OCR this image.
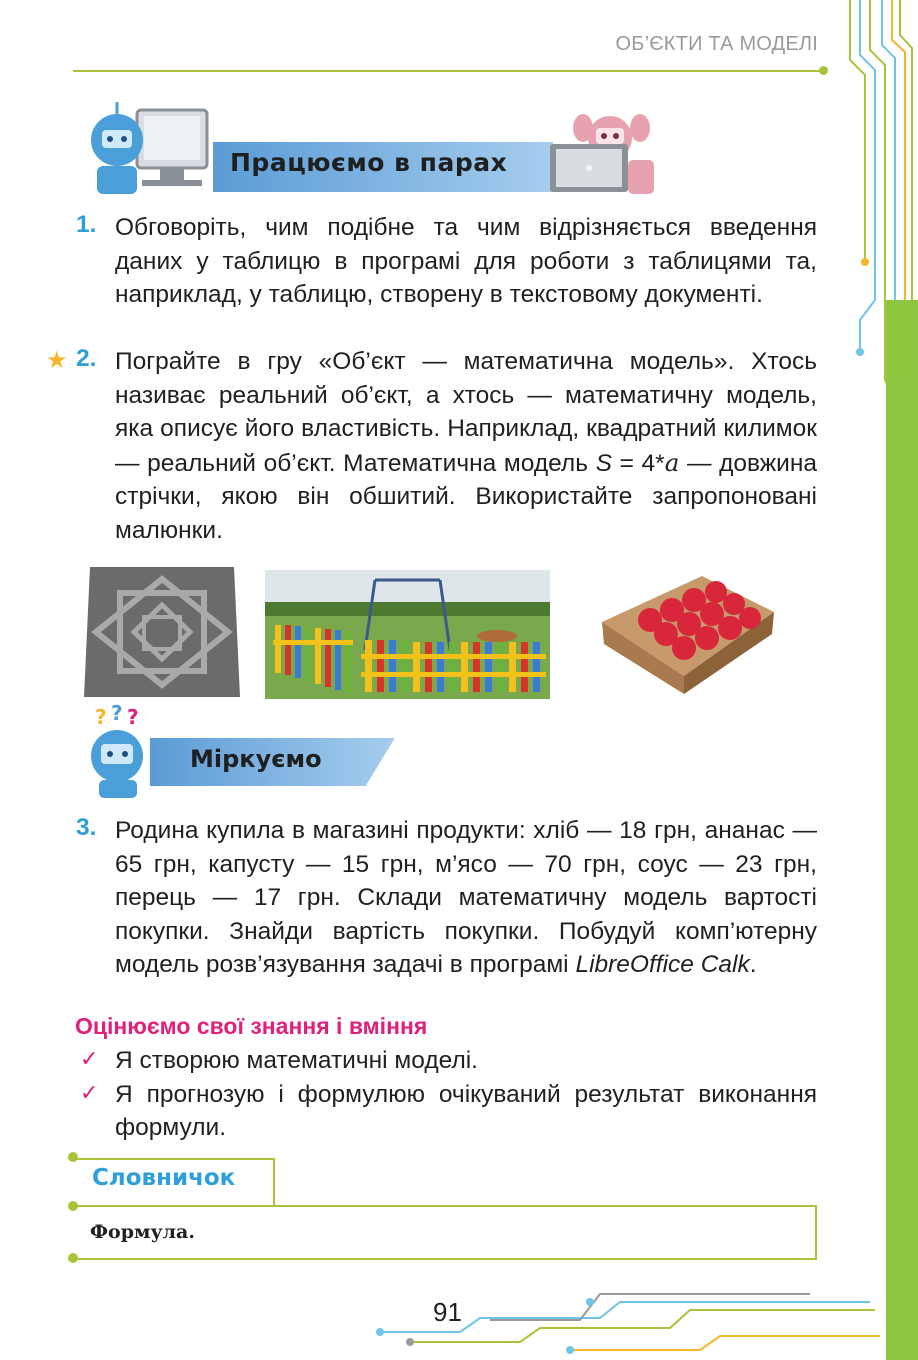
ОБ’ЄКТИ ТА МОДЕЛІ
Працюємо в парах
1. Обговоріть, чим подібне та чим відрізняється введення даних у таблицю в програмі для роботи з таблицями та, наприклад, у таблицю, створену в текстовому документі.
★ 2. Пограйте в гру «Об’єкт — математична модель». Хтось називає реальний об’єкт, а хтось — математичну модель, яка описує його властивість. Наприклад, квадратний килимок — реальний об’єкт. Математична модель S = 4*a — довжина стрічки, якою він обшитий. Використайте запропоновані малюнки.
? ? ?
Міркуємо
3. Родина купила в магазині продукти: хліб — 18 грн, ананас — 65 грн, капусту — 15 грн, м’ясо — 70 грн, соус — 23 грн, перець — 17 грн. Склади математичну модель вартості покупки. Знайди вартість покупки. Побудуй комп’ютерну модель розв’язування задачі в програмі LibreOffice Calk.
Оцінюємо свої знання і вміння
✓ Я створюю математичні моделі.
✓ Я прогнозую і формулюю очікуваний результат виконання формули.
Словничок
Формула.
91
